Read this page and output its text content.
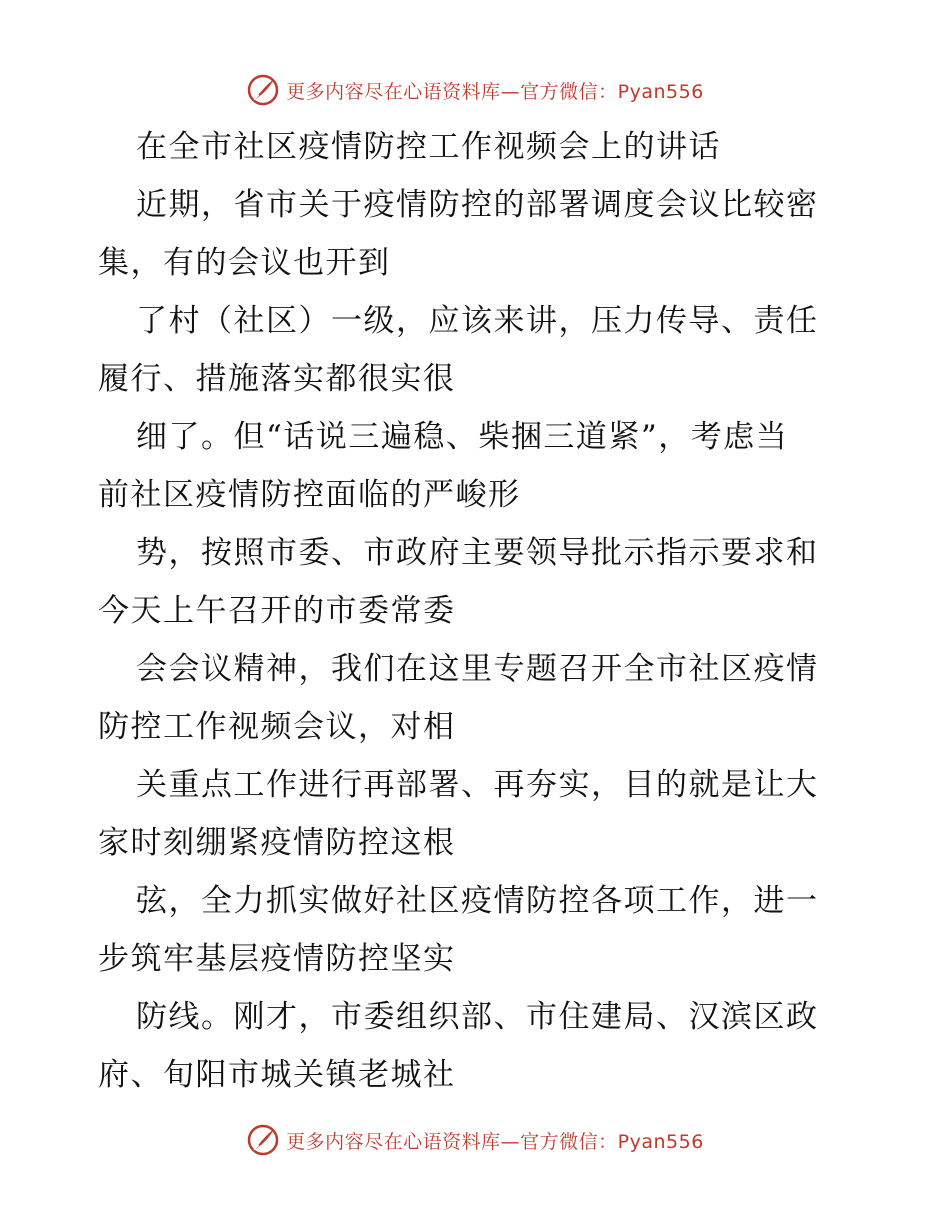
更多内容尽在心语资料库—官方微信：Pyan556
在全市社区疫情防控工作视频会上的讲话
近期，省市关于疫情防控的部署调度会议比较密
集，有的会议也开到
了村（社区）一级，应该来讲，压力传导、责任
履行、措施落实都很实很
细了。但“话说三遍稳、柴捆三道紧”，考虑当
前社区疫情防控面临的严峻形
势，按照市委、市政府主要领导批示指示要求和
今天上午召开的市委常委
会会议精神，我们在这里专题召开全市社区疫情
防控工作视频会议，对相
关重点工作进行再部署、再夯实，目的就是让大
家时刻绷紧疫情防控这根
弦，全力抓实做好社区疫情防控各项工作，进一
步筑牢基层疫情防控坚实
防线。刚才，市委组织部、市住建局、汉滨区政
府、旬阳市城关镇老城社
更多内容尽在心语资料库—官方微信：Pyan556
